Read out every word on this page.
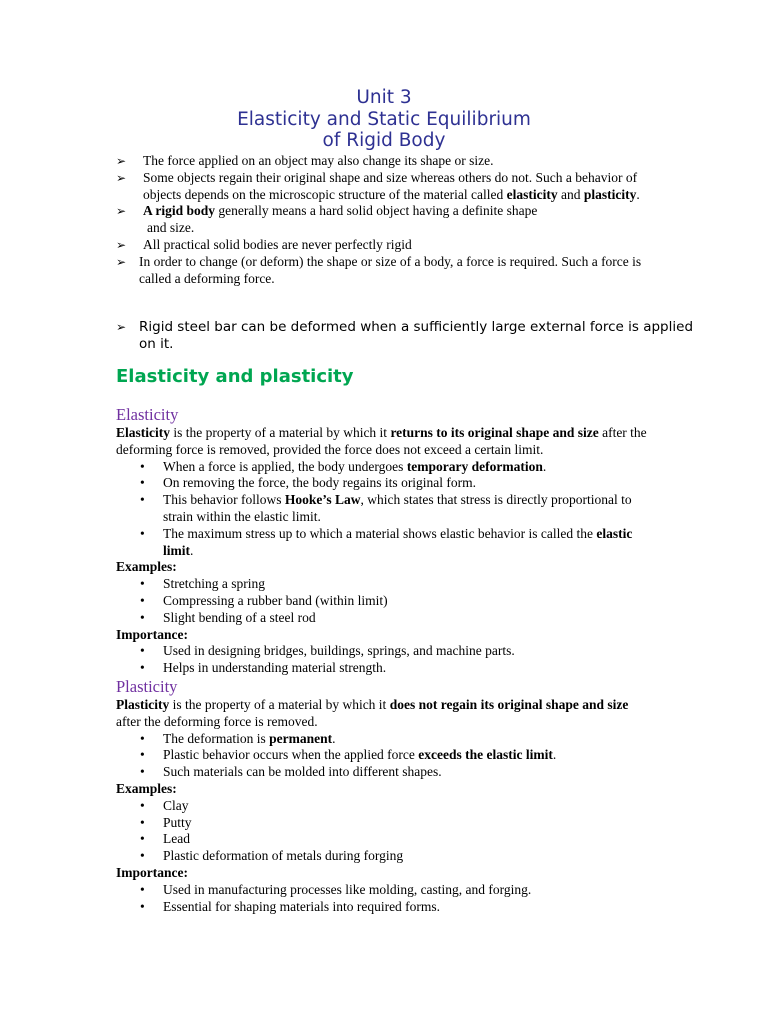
Unit 3
Elasticity and Static Equilibrium
of Rigid Body
➢ The force applied on an object may also change its shape or size.
➢ Some objects regain their original shape and size whereas others do not. Such a behavior of objects depends on the microscopic structure of the material called elasticity and plasticity.
➢ A rigid body generally means a hard solid object having a definite shape
and size.
➢ All practical solid bodies are never perfectly rigid
➢ In order to change (or deform) the shape or size of a body, a force is required. Such a force is called a deforming force.
➢ Rigid steel bar can be deformed when a sufficiently large external force is applied on it.
Elasticity and plasticity
Elasticity

Elasticity is the property of a material by which it returns to its original shape and size after the deforming force is removed, provided the force does not exceed a certain limit.

• When a force is applied, the body undergoes temporary deformation.
• On removing the force, the body regains its original form.
• This behavior follows Hooke’s Law, which states that stress is directly proportional to strain within the elastic limit.
• The maximum stress up to which a material shows elastic behavior is called the elastic limit.

Examples:

• Stretching a spring
• Compressing a rubber band (within limit)
• Slight bending of a steel rod

Importance:

• Used in designing bridges, buildings, springs, and machine parts.
• Helps in understanding material strength.
Plasticity

Plasticity is the property of a material by which it does not regain its original shape and size after the deforming force is removed.

• The deformation is permanent.
• Plastic behavior occurs when the applied force exceeds the elastic limit.
• Such materials can be molded into different shapes.

Examples:

• Clay
• Putty
• Lead
• Plastic deformation of metals during forging

Importance:

• Used in manufacturing processes like molding, casting, and forging.
• Essential for shaping materials into required forms.
